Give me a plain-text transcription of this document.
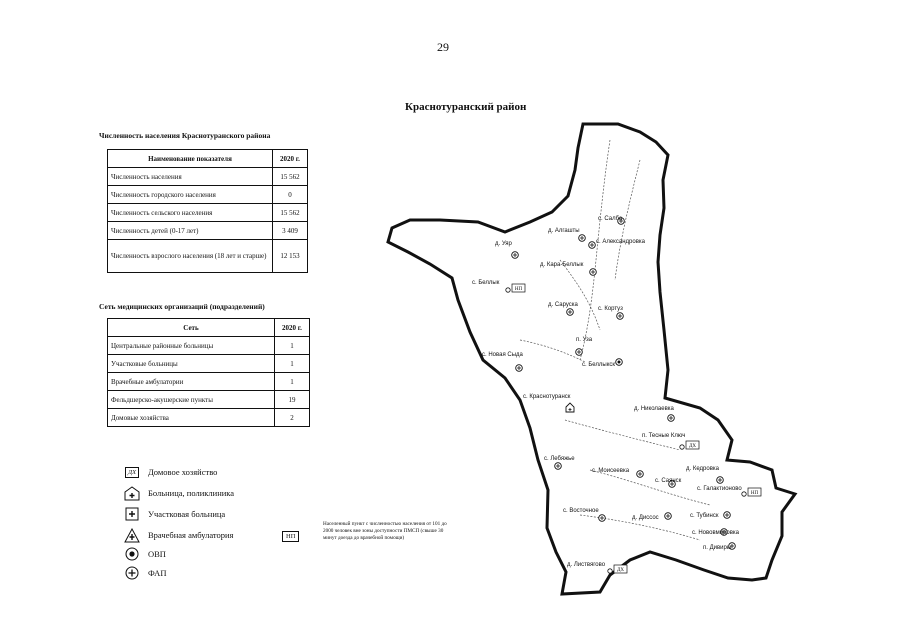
29
Краснотуранский район
Численность населения Краснотуранского района
Наименование показателя	2020 г.
Численность населения	15 562
Численность городского населения	0
Численность сельского населения	15 562
Численность детей (0-17 лет)	3 409
Численность взрослого населения (18 лет и старше)	12 153
Сеть медицинских организаций (подразделений)
Сеть	2020 г.
Центральные районные больницы	1
Участковые больницы	1
Врачебные амбулатории	1
Фельдшерско-акушерские пункты	19
Домовые хозяйства	2
ДХ	Домовое хозяйство
Больница, поликлиника
Участковая больница
Врачебная амбулатория
ОВП
ФАП
НП
Населенный пункт с численностью населения от 101 до 2000 человек вне зоны доступности ПМСП (свыше 30 минут доезда до врачебной помощи)
НП
ДХ
НП
ДХ
с. Салба
д. Алгашты
с. Александровка
д. Уяр
д. Кара-Беллык
с. Беллык
д. Саруска
с. Кортуз
п. Уза
с. Новая Сыда
с. Беллыкск
с. Краснотуранск
д. Николаевка
п. Тесные Ключ
с. Лебяжье
с. Моисеевка
с. Саянск
д. Кедровка
с. Галактионово
с. Восточное
д. Диссос	с. Тубинск
с. Нововмировка
п. Дивиры
д. Листвягово
